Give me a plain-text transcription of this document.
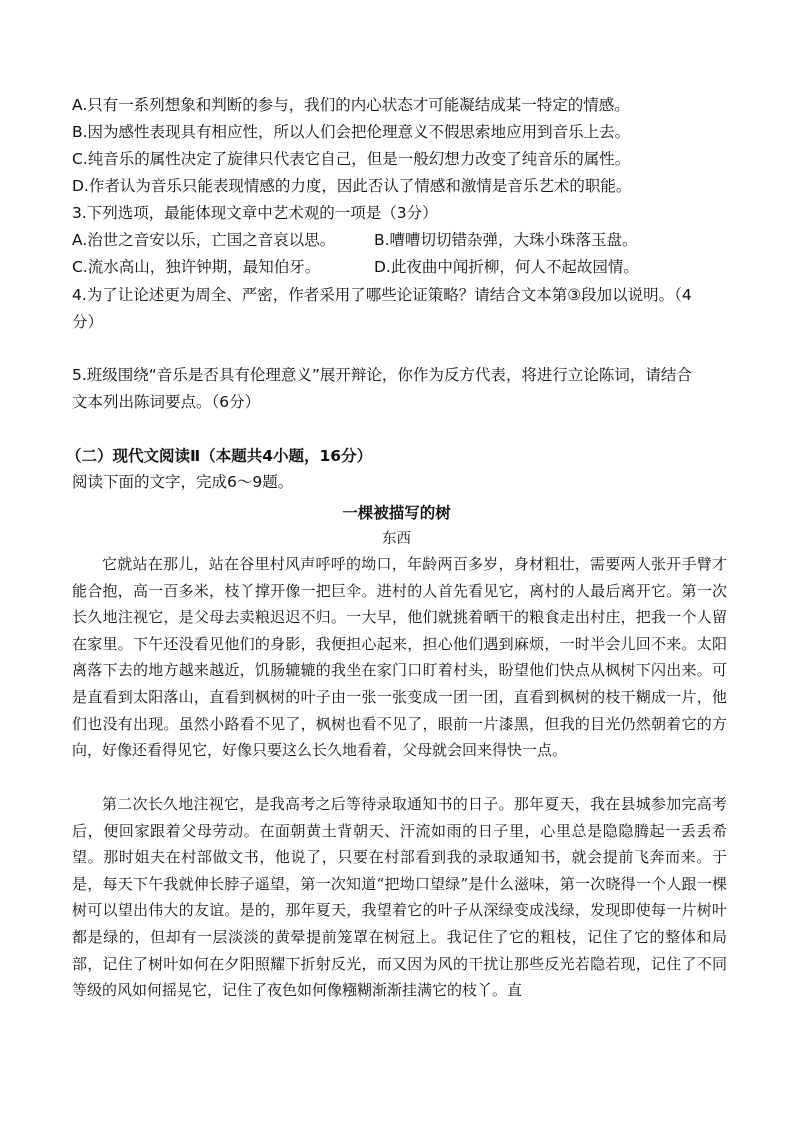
A.只有一系列想象和判断的参与，我们的内心状态才可能凝结成某一特定的情感。
B.因为感性表现具有相应性，所以人们会把伦理意义不假思索地应用到音乐上去。
C.纯音乐的属性决定了旋律只代表它自己，但是一般幻想力改变了纯音乐的属性。
D.作者认为音乐只能表现情感的力度，因此否认了情感和激情是音乐艺术的职能。
3.下列选项，最能体现文章中艺术观的一项是（3分）
A.治世之音安以乐，亡国之音哀以思。 B.嘈嘈切切错杂弹，大珠小珠落玉盘。
C.流水高山，独许钟期，最知伯牙。	D.此夜曲中闻折柳，何人不起故园情。
4.为了让论述更为周全、严密，作者采用了哪些论证策略？请结合文本第③段加以说明。（4
分）
5.班级围绕“音乐是否具有伦理意义”展开辩论，你作为反方代表，将进行立论陈词，请结合
文本列出陈词要点。（6分）
（二）现代文阅读Ⅱ（本题共4小题，16分）
阅读下面的文字，完成6～9题。
一棵被描写的树
东西

它就站在那儿，站在谷里村风声呼呼的坳口，年龄两百多岁，身材粗壮，需要两人张开手臂才能合抱，高一百多米，枝丫撑开像一把巨伞。进村的人首先看见它，离村的人最后离开它。第一次长久地注视它，是父母去卖粮迟迟不归。一大早，他们就挑着晒干的粮食走出村庄，把我一个人留在家里。下午还没看见他们的身影，我便担心起来，担心他们遇到麻烦，一时半会儿回不来。太阳离落下去的地方越来越近，饥肠辘辘的我坐在家门口盯着村头，盼望他们快点从枫树下闪出来。可是直看到太阳落山，直看到枫树的叶子由一张一张变成一团一团，直看到枫树的枝干糊成一片，他们也没有出现。虽然小路看不见了，枫树也看不见了，眼前一片漆黑，但我的目光仍然朝着它的方向，好像还看得见它，好像只要这么长久地看着，父母就会回来得快一点。

第二次长久地注视它，是我高考之后等待录取通知书的日子。那年夏天，我在县城参加完高考后，便回家跟着父母劳动。在面朝黄土背朝天、汗流如雨的日子里，心里总是隐隐腾起一丢丢希望。那时姐夫在村部做文书，他说了，只要在村部看到我的录取通知书，就会提前飞奔而来。于是，每天下午我就伸长脖子遥望，第一次知道“把坳口望绿”是什么滋味，第一次晓得一个人跟一棵树可以望出伟大的友谊。是的，那年夏天，我望着它的叶子从深绿变成浅绿，发现即使每一片树叶都是绿的，但却有一层淡淡的黄晕提前笼罩在树冠上。我记住了它的粗枝，记住了它的整体和局部，记住了树叶如何在夕阳照耀下折射反光，而又因为风的干扰让那些反光若隐若现，记住了不同等级的风如何摇晃它，记住了夜色如何像糨糊渐渐挂满它的枝丫。直
